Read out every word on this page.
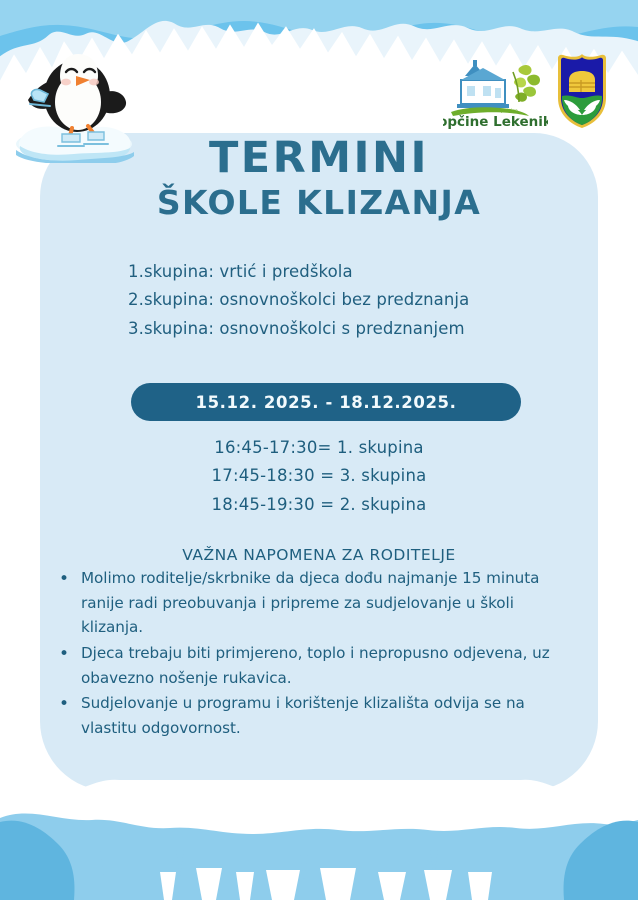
Turistička Zajednica
opčine Lekenik
TERMINI
ŠKOLE KLIZANJA
1.skupina: vrtić i predškola
2.skupina: osnovnoškolci bez predznanja
3.skupina: osnovnoškolci s predznanjem
15.12. 2025. - 18.12.2025.
16:45-17:30= 1. skupina
17:45-18:30 = 3. skupina
18:45-19:30 = 2. skupina
VAŽNA NAPOMENA ZA RODITELJE
• Molimo roditelje/skrbnike da djeca dođu najmanje 15 minuta ranije radi preobuvanja i pripreme za sudjelovanje u školi klizanja.
• Djeca trebaju biti primjereno, toplo i nepropusno odjevena, uz obavezno nošenje rukavica.
• Sudjelovanje u programu i korištenje klizališta odvija se na vlastitu odgovornost.
